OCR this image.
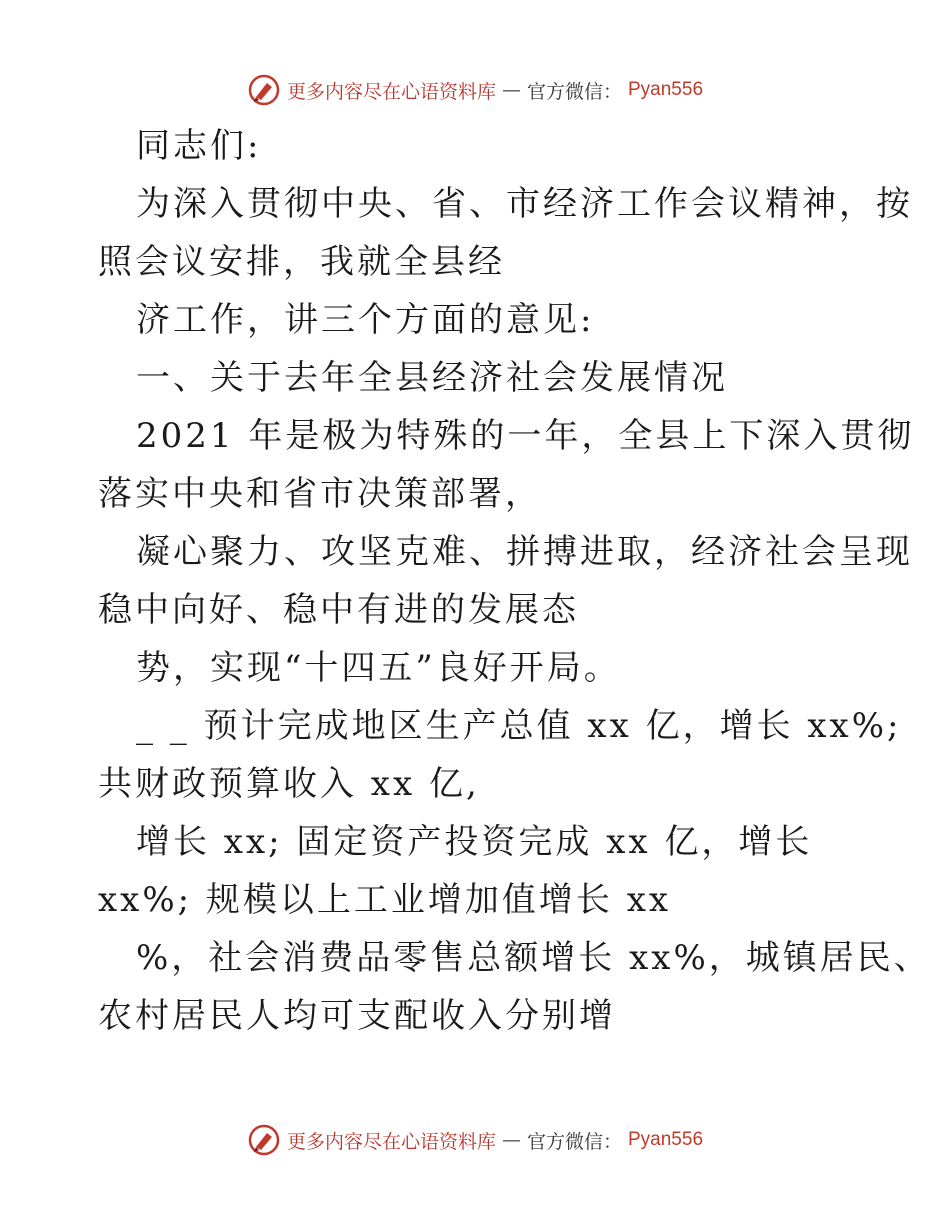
更多内容尽在心语资料库 — 官方微信： Pyan556
同志们:
为深入贯彻中央、省、市经济工作会议精神，按
照会议安排，我就全县经
济工作，讲三个方面的意见:
一、关于去年全县经济社会发展情况
2021 年是极为特殊的一年，全县上下深入贯彻
落实中央和省市决策部署，
凝心聚力、攻坚克难、拼搏进取，经济社会呈现
稳中向好、稳中有进的发展态
势，实现“十四五”良好开局。
_ _ 预计完成地区生产总值 xx 亿，增长 xx%;
共财政预算收入 xx 亿,
增长 xx; 固定资产投资完成 xx 亿，增长
xx%; 规模以上工业增加值增长 xx
%，社会消费品零售总额增长 xx%，城镇居民、
农村居民人均可支配收入分别增
更多内容尽在心语资料库 — 官方微信： Pyan556
